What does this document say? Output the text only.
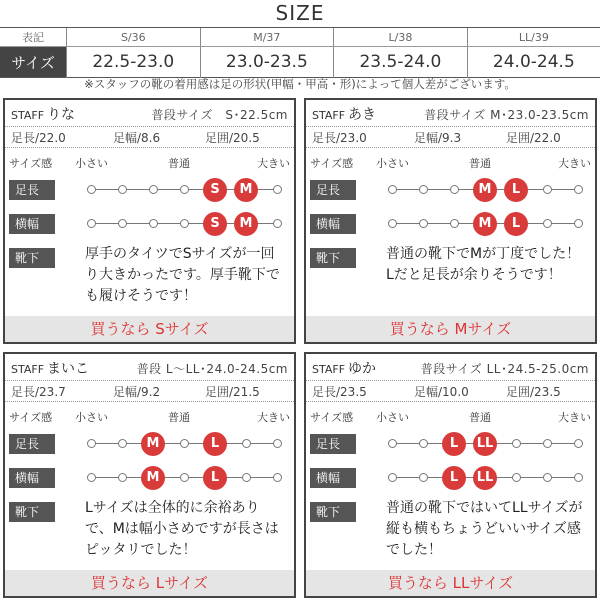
SIZE
表記	S/36	M/37	L/38	LL/39
サイズ	22.5-23.0	23.0-23.5	23.5-24.0	24.0-24.5
※スタッフの靴の着用感は足の形状(甲幅・甲高・形)によって個人差がございます。
STAFF りな	普段サイズ　S･22.5cm
足長/22.0	足幅/8.6	足囲/20.5
サイズ感 小さい	普通	大きい
足長	S	M
横幅	S	M
靴下	厚手のタイツでSサイズが一回り大きかったです。厚手靴下でも履けそうです！
買うなら Sサイズ
STAFF あき	普段サイズ M･23.0-23.5cm
足長/23.0	足幅/9.3	足囲/22.0
サイズ感 小さい	普通	大きい
足長	M	L
横幅	M	L
靴下	普通の靴下でMが丁度でした！Lだと足長が余りそうです！
買うなら Mサイズ
STAFF まいこ	普段 L〜LL･24.0-24.5cm
足長/23.7	足幅/9.2	足囲/21.5
サイズ感 小さい	普通	大きい
足長	M	L
横幅	M	L
靴下	Lサイズは全体的に余裕ありで、Mは幅小さめですが長さはピッタリでした！
買うなら Lサイズ
STAFF ゆか	普段サイズ LL･24.5-25.0cm
足長/23.5	足幅/10.0	足囲/23.5
サイズ感 小さい	普通	大きい
足長	L	LL
横幅	L	LL
靴下	普通の靴下ではいてLLサイズが縦も横もちょうどいいサイズ感でした！
買うなら LLサイズ
